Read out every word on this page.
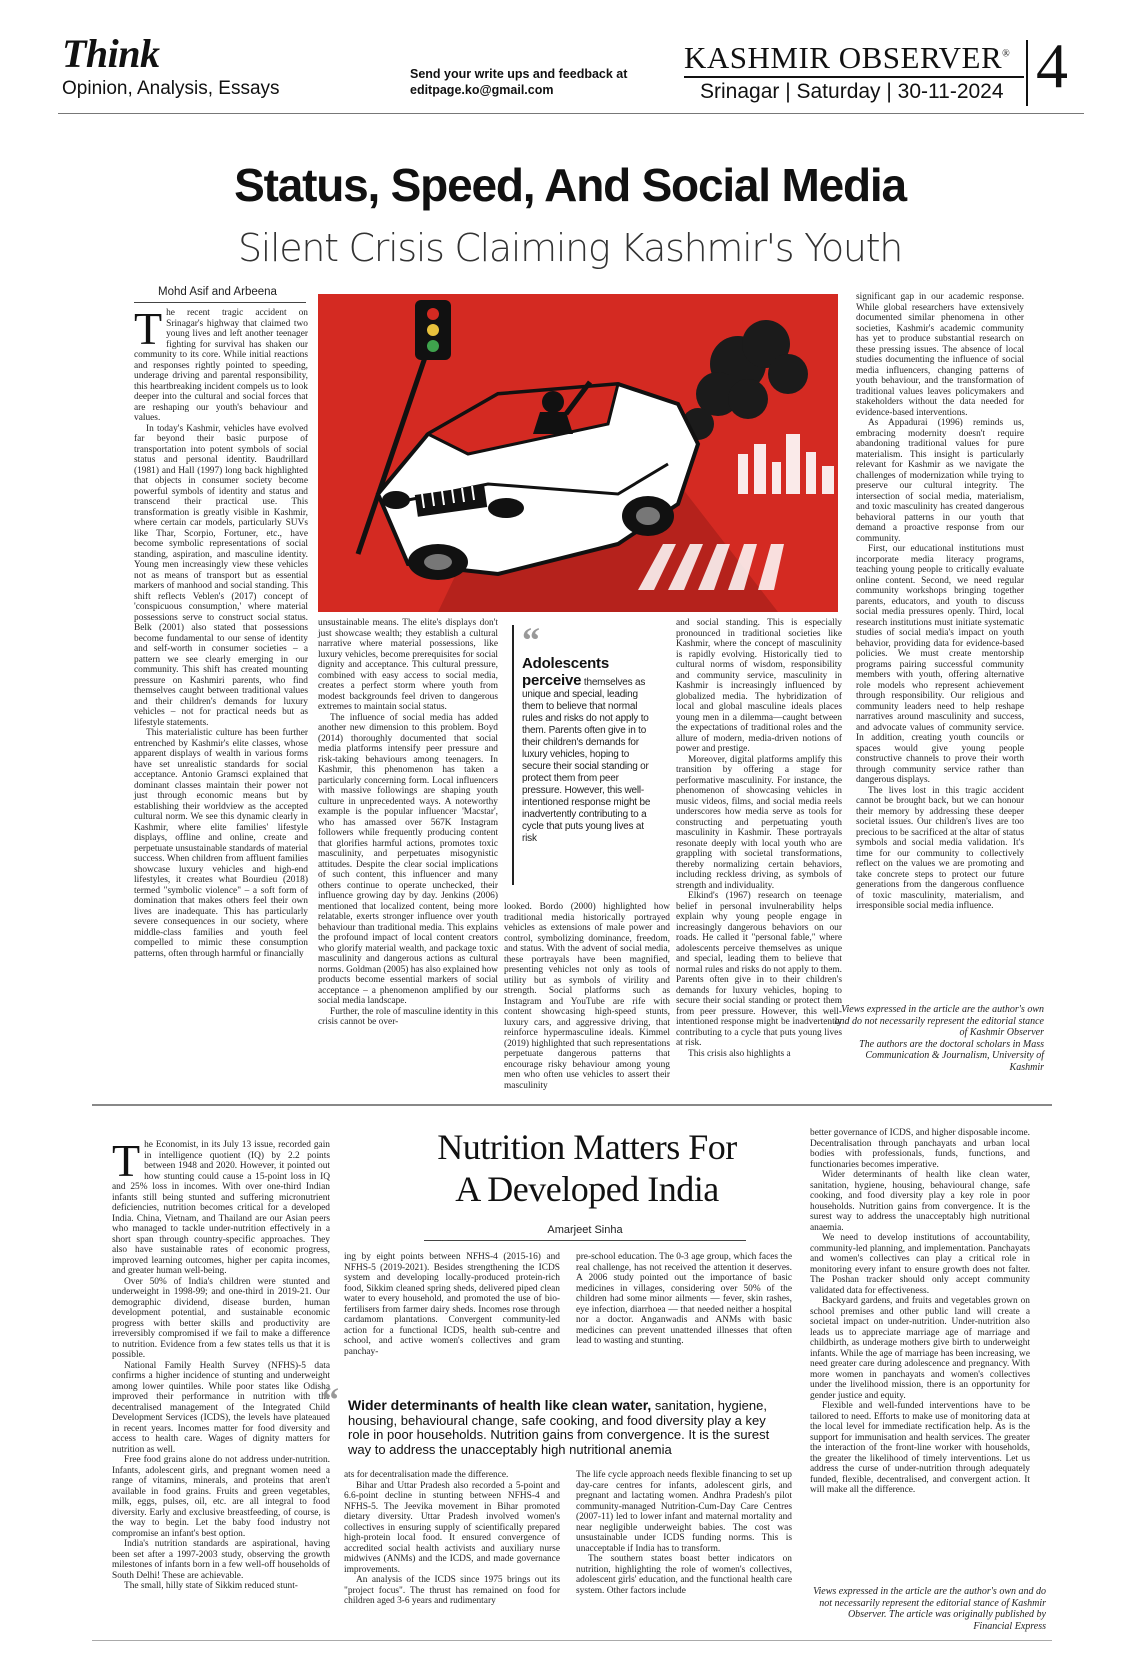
Think
Opinion, Analysis, Essays
Send your write ups and feedback at
editpage.ko@gmail.com
KASHMIR OBSERVER®
Srinagar | Saturday | 30-11-2024 4
Status, Speed, And Social Media
Silent Crisis Claiming Kashmir's Youth
Mohd Asif and Arbeena
T he recent tragic accident on Srinagar's highway that claimed two young lives and left another teenager fighting for survival has shaken our community to its core. While initial reactions and responses rightly pointed to speeding, underage driving and parental responsibility, this heartbreaking incident compels us to look deeper into the cultural and social forces that are reshaping our youth's behaviour and values.

In today's Kashmir, vehicles have evolved far beyond their basic purpose of transportation into potent symbols of social status and personal identity. Baudrillard (1981) and Hall (1997) long back highlighted that objects in consumer society become powerful symbols of identity and status and transcend their practical use. This transformation is greatly visible in Kashmir, where certain car models, particularly SUVs like Thar, Scorpio, Fortuner, etc., have become symbolic representations of social standing, aspiration, and masculine identity. Young men increasingly view these vehicles not as means of transport but as essential markers of manhood and social standing. This shift reflects Veblen's (2017) concept of 'conspicuous consumption,' where material possessions serve to construct social status. Belk (2001) also stated that possessions become fundamental to our sense of identity and self-worth in consumer societies – a pattern we see clearly emerging in our community. This shift has created mounting pressure on Kashmiri parents, who find themselves caught between traditional values and their children's demands for luxury vehicles – not for practical needs but as lifestyle statements.

This materialistic culture has been further entrenched by Kashmir's elite classes, whose apparent displays of wealth in various forms have set unrealistic standards for social acceptance. Antonio Gramsci explained that dominant classes maintain their power not just through economic means but by establishing their worldview as the accepted cultural norm. We see this dynamic clearly in Kashmir, where elite families' lifestyle displays, offline and online, create and perpetuate unsustainable standards of material success. When children from affluent families showcase luxury vehicles and high-end lifestyles, it creates what Bourdieu (2018) termed "symbolic violence" – a soft form of domination that makes others feel their own lives are inadequate. This has particularly severe consequences in our society, where middle-class families and youth feel compelled to mimic these consumption patterns, often through harmful or financially

unsustainable means. The elite's displays don't just showcase wealth; they establish a cultural narrative where material possessions, like luxury vehicles, become prerequisites for social dignity and acceptance. This cultural pressure, combined with easy access to social media, creates a perfect storm where youth from modest backgrounds feel driven to dangerous extremes to maintain social status.

The influence of social media has added another new dimension to this problem. Boyd (2014) thoroughly documented that social media platforms intensify peer pressure and risk-taking behaviours among teenagers. In Kashmir, this phenomenon has taken a particularly concerning form. Local influencers with massive followings are shaping youth culture in unprecedented ways. A noteworthy example is the popular influencer 'Macstar', who has amassed over 567K Instagram followers while frequently producing content that glorifies harmful actions, promotes toxic masculinity, and perpetuates misogynistic attitudes. Despite the clear social implications of such content, this influencer and many others continue to operate unchecked, their influence growing day by day. Jenkins (2006) mentioned that localized content, being more relatable, exerts stronger influence over youth behaviour than traditional media. This explains the profound impact of local content creators who glorify material wealth, and package toxic masculinity and dangerous actions as cultural norms. Goldman (2005) has also explained how products become essential markers of social acceptance – a phenomenon amplified by our social media landscape.

Further, the role of masculine identity in this crisis cannot be over-

“
Adolescents perceive themselves as unique and special, leading them to believe that normal rules and risks do not apply to them. Parents often give in to their children's demands for luxury vehicles, hoping to secure their social standing or protect them from peer pressure. However, this well-intentioned response might be inadvertently contributing to a cycle that puts young lives at risk

looked. Bordo (2000) highlighted how traditional media historically portrayed vehicles as extensions of male power and control, symbolizing dominance, freedom, and status. With the advent of social media, these portrayals have been magnified, presenting vehicles not only as tools of utility but as symbols of virility and strength. Social platforms such as Instagram and YouTube are rife with content showcasing high-speed stunts, luxury cars, and aggressive driving, that reinforce hypermasculine ideals. Kimmel (2019) highlighted that such representations perpetuate dangerous patterns that encourage risky behaviour among young men who often use vehicles to assert their masculinity

and social standing. This is especially pronounced in traditional societies like Kashmir, where the concept of masculinity is rapidly evolving. Historically tied to cultural norms of wisdom, responsibility and community service, masculinity in Kashmir is increasingly influenced by globalized media. The hybridization of local and global masculine ideals places young men in a dilemma—caught between the expectations of traditional roles and the allure of modern, media-driven notions of power and prestige.

Moreover, digital platforms amplify this transition by offering a stage for performative masculinity. For instance, the phenomenon of showcasing vehicles in music videos, films, and social media reels underscores how media serve as tools for constructing and perpetuating youth masculinity in Kashmir. These portrayals resonate deeply with local youth who are grappling with societal transformations, thereby normalizing certain behaviors, including reckless driving, as symbols of strength and individuality.

Elkind's (1967) research on teenage belief in personal invulnerability helps explain why young people engage in increasingly dangerous behaviors on our roads. He called it "personal fable," where adolescents perceive themselves as unique and special, leading them to believe that normal rules and risks do not apply to them. Parents often give in to their children's demands for luxury vehicles, hoping to secure their social standing or protect them from peer pressure. However, this well-intentioned response might be inadvertently contributing to a cycle that puts young lives at risk.

This crisis also highlights a

significant gap in our academic response. While global researchers have extensively documented similar phenomena in other societies, Kashmir's academic community has yet to produce substantial research on these pressing issues. The absence of local studies documenting the influence of social media influencers, changing patterns of youth behaviour, and the transformation of traditional values leaves policymakers and stakeholders without the data needed for evidence-based interventions.

As Appadurai (1996) reminds us, embracing modernity doesn't require abandoning traditional values for pure materialism. This insight is particularly relevant for Kashmir as we navigate the challenges of modernization while trying to preserve our cultural integrity. The intersection of social media, materialism, and toxic masculinity has created dangerous behavioral patterns in our youth that demand a proactive response from our community.

First, our educational institutions must incorporate media literacy programs, teaching young people to critically evaluate online content. Second, we need regular community workshops bringing together parents, educators, and youth to discuss social media pressures openly. Third, local research institutions must initiate systematic studies of social media's impact on youth behavior, providing data for evidence-based policies. We must create mentorship programs pairing successful community members with youth, offering alternative role models who represent achievement through responsibility. Our religious and community leaders need to help reshape narratives around masculinity and success, and advocate values of community service. In addition, creating youth councils or spaces would give young people constructive channels to prove their worth through community service rather than dangerous displays.

The lives lost in this tragic accident cannot be brought back, but we can honour their memory by addressing these deeper societal issues. Our children's lives are too precious to be sacrificed at the altar of status symbols and social media validation. It's time for our community to collectively reflect on the values we are promoting and take concrete steps to protect our future generations from the dangerous confluence of toxic masculinity, materialism, and irresponsible social media influence.

Views expressed in the article are the author's own and do not necessarily represent the editorial stance of Kashmir Observer
The authors are the doctoral scholars in Mass Communication & Journalism, University of Kashmir
Nutrition Matters For
A Developed India
Amarjeet Sinha
T he Economist, in its July 13 issue, recorded gain in intelligence quotient (IQ) by 2.2 points between 1948 and 2020. However, it pointed out how stunting could cause a 15-point loss in IQ and 25% loss in incomes. With over one-third Indian infants still being stunted and suffering micronutrient deficiencies, nutrition becomes critical for a developed India. China, Vietnam, and Thailand are our Asian peers who managed to tackle under-nutrition effectively in a short span through country-specific approaches. They also have sustainable rates of economic progress, improved learning outcomes, higher per capita incomes, and greater human well-being.

Over 50% of India's children were stunted and underweight in 1998-99; and one-third in 2019-21. Our demographic dividend, disease burden, human development potential, and sustainable economic progress with better skills and productivity are irreversibly compromised if we fail to make a difference to nutrition. Evidence from a few states tells us that it is possible.

National Family Health Survey (NFHS)-5 data confirms a higher incidence of stunting and underweight among lower quintiles. While poor states like Odisha improved their performance in nutrition with the decentralised management of the Integrated Child Development Services (ICDS), the levels have plateaued in recent years. Incomes matter for food diversity and access to health care. Wages of dignity matters for nutrition as well.

Free food grains alone do not address under-nutrition. Infants, adolescent girls, and pregnant women need a range of vitamins, minerals, and proteins that aren't available in food grains. Fruits and green vegetables, milk, eggs, pulses, oil, etc. are all integral to food diversity. Early and exclusive breastfeeding, of course, is the way to begin. Let the baby food industry not compromise an infant's best option.

India's nutrition standards are aspirational, having been set after a 1997-2003 study, observing the growth milestones of infants born in a few well-off households of South Delhi! These are achievable.

The small, hilly state of Sikkim reduced stunt-

ing by eight points between NFHS-4 (2015-16) and NFHS-5 (2019-2021). Besides strengthening the ICDS system and developing locally-produced protein-rich food, Sikkim cleaned spring sheds, delivered piped clean water to every household, and promoted the use of bio-fertilisers from farmer dairy sheds. Incomes rose through cardamom plantations. Convergent community-led action for a functional ICDS, health sub-centre and school, and active women's collectives and gram panchay-

pre-school education. The 0-3 age group, which faces the real challenge, has not received the attention it deserves. A 2006 study pointed out the importance of basic medicines in villages, considering over 50% of the children had some minor ailments — fever, skin rashes, eye infection, diarrhoea — that needed neither a hospital nor a doctor. Anganwadis and ANMs with basic medicines can prevent unattended illnesses that often lead to wasting and stunting.

“ Wider determinants of health like clean water, sanitation, hygiene, housing, behavioural change, safe cooking, and food diversity play a key role in poor households. Nutrition gains from convergence. It is the surest way to address the unacceptably high nutritional anemia

ats for decentralisation made the difference.

Bihar and Uttar Pradesh also recorded a 5-point and 6.6-point decline in stunting between NFHS-4 and NFHS-5. The Jeevika movement in Bihar promoted dietary diversity. Uttar Pradesh involved women's collectives in ensuring supply of scientifically prepared high-protein local food. It ensured convergence of accredited social health activists and auxiliary nurse midwives (ANMs) and the ICDS, and made governance improvements.

An analysis of the ICDS since 1975 brings out its "project focus". The thrust has remained on food for children aged 3-6 years and rudimentary

The life cycle approach needs flexible financing to set up day-care centres for infants, adolescent girls, and pregnant and lactating women. Andhra Pradesh's pilot community-managed Nutrition-Cum-Day Care Centres (2007-11) led to lower infant and maternal mortality and near negligible underweight babies. The cost was unsustainable under ICDS funding norms. This is unacceptable if India has to transform.

The southern states boast better indicators on nutrition, highlighting the role of women's collectives, adolescent girls' education, and the functional health care system. Other factors include

better governance of ICDS, and higher disposable income. Decentralisation through panchayats and urban local bodies with professionals, funds, functions, and functionaries becomes imperative.

Wider determinants of health like clean water, sanitation, hygiene, housing, behavioural change, safe cooking, and food diversity play a key role in poor households. Nutrition gains from convergence. It is the surest way to address the unacceptably high nutritional anaemia.

We need to develop institutions of accountability, community-led planning, and implementation. Panchayats and women's collectives can play a critical role in monitoring every infant to ensure growth does not falter. The Poshan tracker should only accept community validated data for effectiveness.

Backyard gardens, and fruits and vegetables grown on school premises and other public land will create a societal impact on under-nutrition. Under-nutrition also leads us to appreciate marriage age of marriage and childbirth, as underage mothers give birth to underweight infants. While the age of marriage has been increasing, we need greater care during adolescence and pregnancy. With more women in panchayats and women's collectives under the livelihood mission, there is an opportunity for gender justice and equity.

Flexible and well-funded interventions have to be tailored to need. Efforts to make use of monitoring data at the local level for immediate rectification help. As is the support for immunisation and health services. The greater the interaction of the front-line worker with households, the greater the likelihood of timely interventions. Let us address the curse of under-nutrition through adequately funded, flexible, decentralised, and convergent action. It will make all the difference.

Views expressed in the article are the author's own and do not necessarily represent the editorial stance of Kashmir Observer. The article was originally published by Financial Express
